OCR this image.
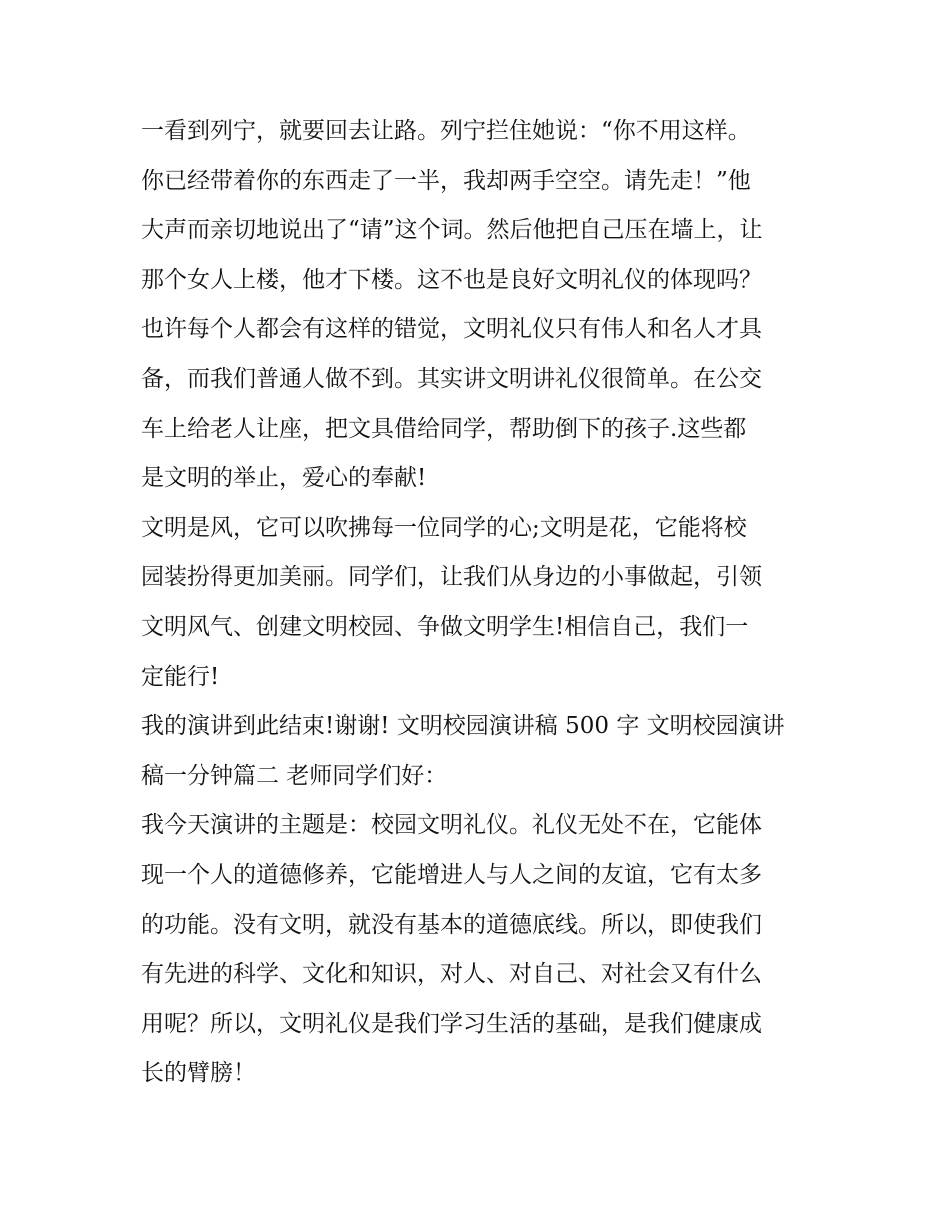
一看到列宁，就要回去让路。列宁拦住她说：“你不用这样。
你已经带着你的东西走了一半，我却两手空空。请先走！”他
大声而亲切地说出了“请”这个词。然后他把自己压在墙上，让
那个女人上楼，他才下楼。这不也是良好文明礼仪的体现吗？
也许每个人都会有这样的错觉，文明礼仪只有伟人和名人才具
备，而我们普通人做不到。其实讲文明讲礼仪很简单。在公交
车上给老人让座，把文具借给同学，帮助倒下的孩子.这些都
是文明的举止，爱心的奉献!

文明是风，它可以吹拂每一位同学的心;文明是花，它能将校
园装扮得更加美丽。同学们，让我们从身边的小事做起，引领
文明风气、创建文明校园、争做文明学生!相信自己，我们一
定能行!

我的演讲到此结束!谢谢! 文明校园演讲稿 500 字 文明校园演讲
稿一分钟篇二 老师同学们好：

我今天演讲的主题是：校园文明礼仪。礼仪无处不在，它能体
现一个人的道德修养，它能增进人与人之间的友谊，它有太多
的功能。没有文明，就没有基本的道德底线。所以，即使我们
有先进的科学、文化和知识，对人、对自己、对社会又有什么
用呢？所以，文明礼仪是我们学习生活的基础，是我们健康成
长的臂膀！
